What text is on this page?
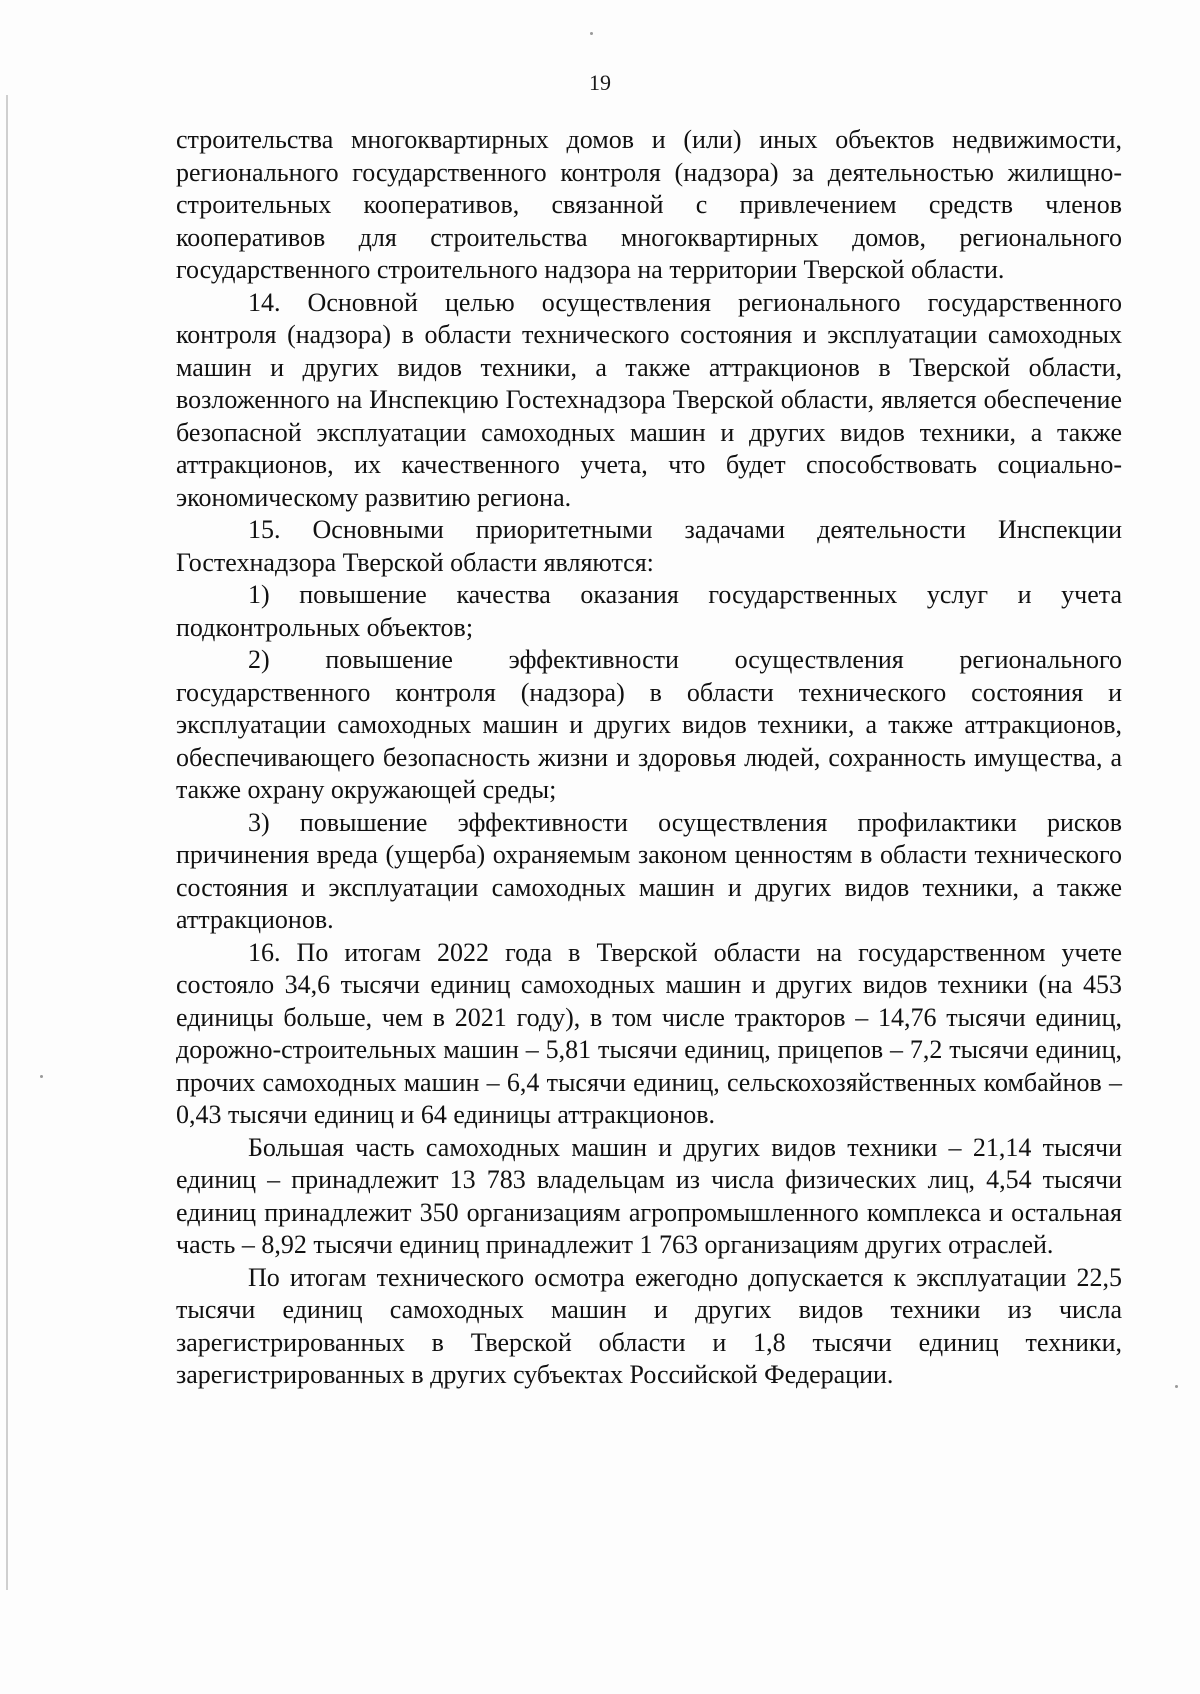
19

строительства многоквартирных домов и (или) иных объектов недвижимости, регионального государственного контроля (надзора) за деятельностью жилищно-строительных кооперативов, связанной с привлечением средств членов кооперативов для строительства многоквартирных домов, регионального государственного строительного надзора на территории Тверской области.

14. Основной целью осуществления регионального государственного контроля (надзора) в области технического состояния и эксплуатации самоходных машин и других видов техники, а также аттракционов в Тверской области, возложенного на Инспекцию Гостехнадзора Тверской области, является обеспечение безопасной эксплуатации самоходных машин и других видов техники, а также аттракционов, их качественного учета, что будет способствовать социально-экономическому развитию региона.

15. Основными приоритетными задачами деятельности Инспекции Гостехнадзора Тверской области являются:

1) повышение качества оказания государственных услуг и учета подконтрольных объектов;

2) повышение эффективности осуществления регионального государственного контроля (надзора) в области технического состояния и эксплуатации самоходных машин и других видов техники, а также аттракционов, обеспечивающего безопасность жизни и здоровья людей, сохранность имущества, а также охрану окружающей среды;

3) повышение эффективности осуществления профилактики рисков причинения вреда (ущерба) охраняемым законом ценностям в области технического состояния и эксплуатации самоходных машин и других видов техники, а также аттракционов.

16. По итогам 2022 года в Тверской области на государственном учете состояло 34,6 тысячи единиц самоходных машин и других видов техники (на 453 единицы больше, чем в 2021 году), в том числе тракторов – 14,76 тысячи единиц, дорожно-строительных машин – 5,81 тысячи единиц, прицепов – 7,2 тысячи единиц, прочих самоходных машин – 6,4 тысячи единиц, сельскохозяйственных комбайнов – 0,43 тысячи единиц и 64 единицы аттракционов.

Большая часть самоходных машин и других видов техники – 21,14 тысячи единиц – принадлежит 13 783 владельцам из числа физических лиц, 4,54 тысячи единиц принадлежит 350 организациям агропромышленного комплекса и остальная часть – 8,92 тысячи единиц принадлежит 1 763 организациям других отраслей.

По итогам технического осмотра ежегодно допускается к эксплуатации 22,5 тысячи единиц самоходных машин и других видов техники из числа зарегистрированных в Тверской области и 1,8 тысячи единиц техники, зарегистрированных в других субъектах Российской Федерации.
